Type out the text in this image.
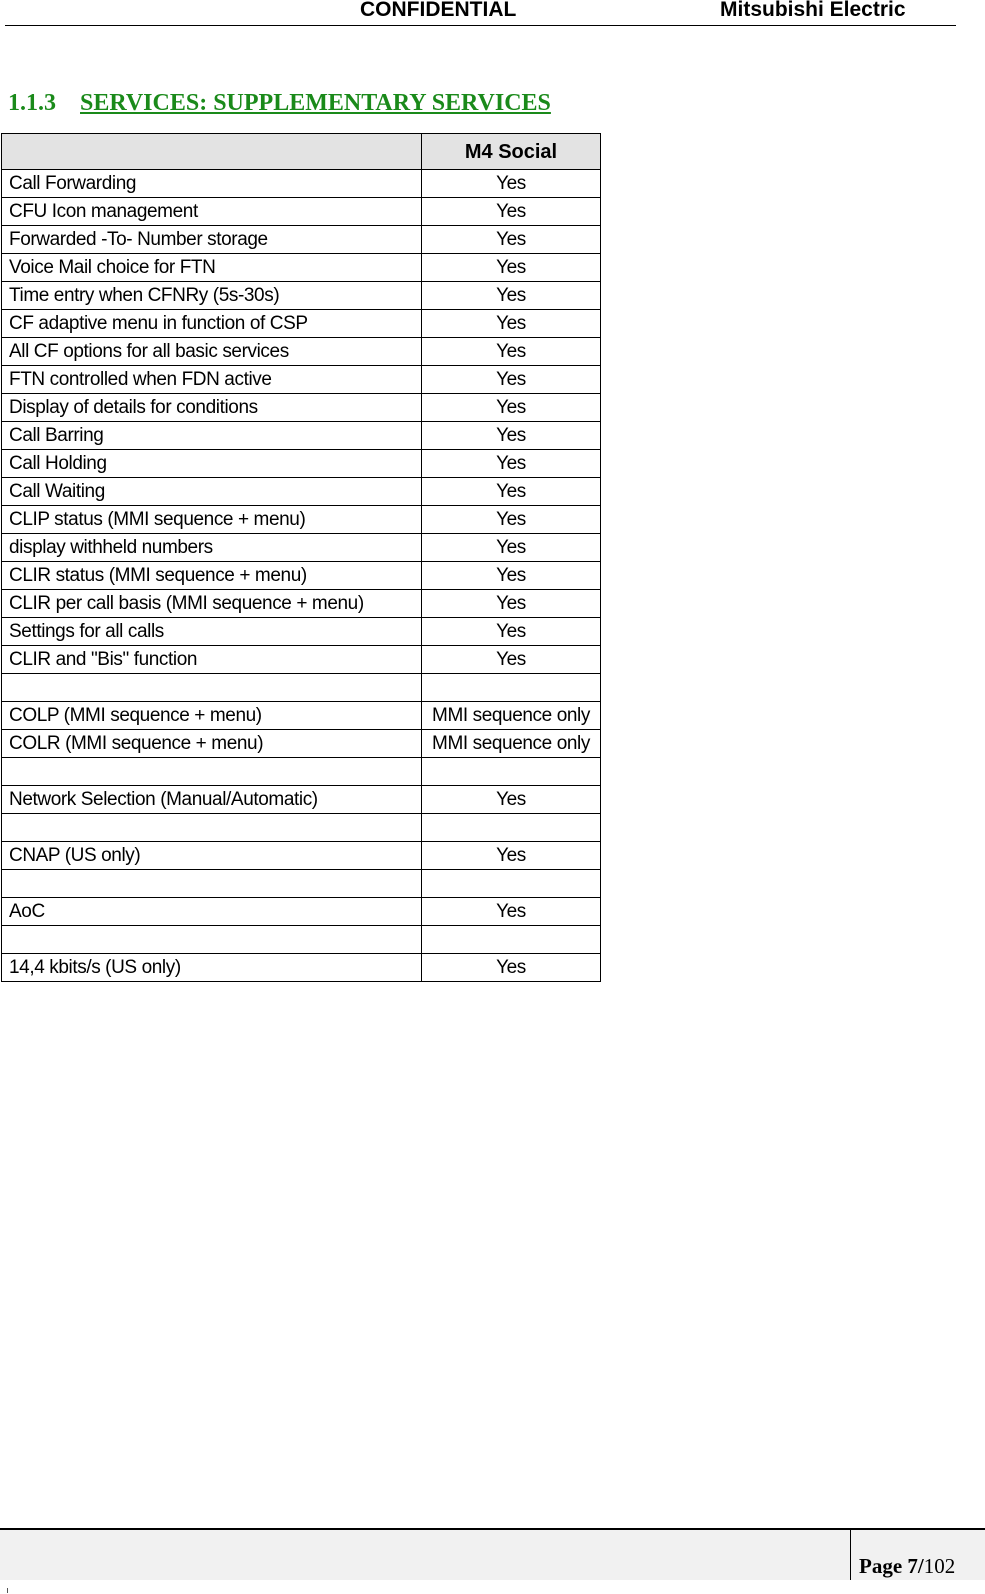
CONFIDENTIAL	Mitsubishi Electric
1.1.3 SERVICES: SUPPLEMENTARY SERVICES
	M4 Social
Call Forwarding	Yes
CFU Icon management	Yes
Forwarded -To- Number storage	Yes
Voice Mail choice for FTN	Yes
Time entry when CFNRy (5s-30s)	Yes
CF adaptive menu in function of CSP	Yes
All CF options for all basic services	Yes
FTN controlled when FDN active	Yes
Display of details for conditions	Yes
Call Barring	Yes
Call Holding	Yes
Call Waiting	Yes
CLIP status (MMI sequence + menu)	Yes
display withheld numbers	Yes
CLIR status (MMI sequence + menu)	Yes
CLIR per call basis (MMI sequence + menu)	Yes
Settings for all calls	Yes
CLIR and "Bis" function	Yes

COLP (MMI sequence + menu)	MMI sequence only
COLR (MMI sequence + menu)	MMI sequence only

Network Selection (Manual/Automatic)	Yes

CNAP (US only)	Yes

AoC	Yes

14,4 kbits/s (US only)	Yes
Page 7/102
